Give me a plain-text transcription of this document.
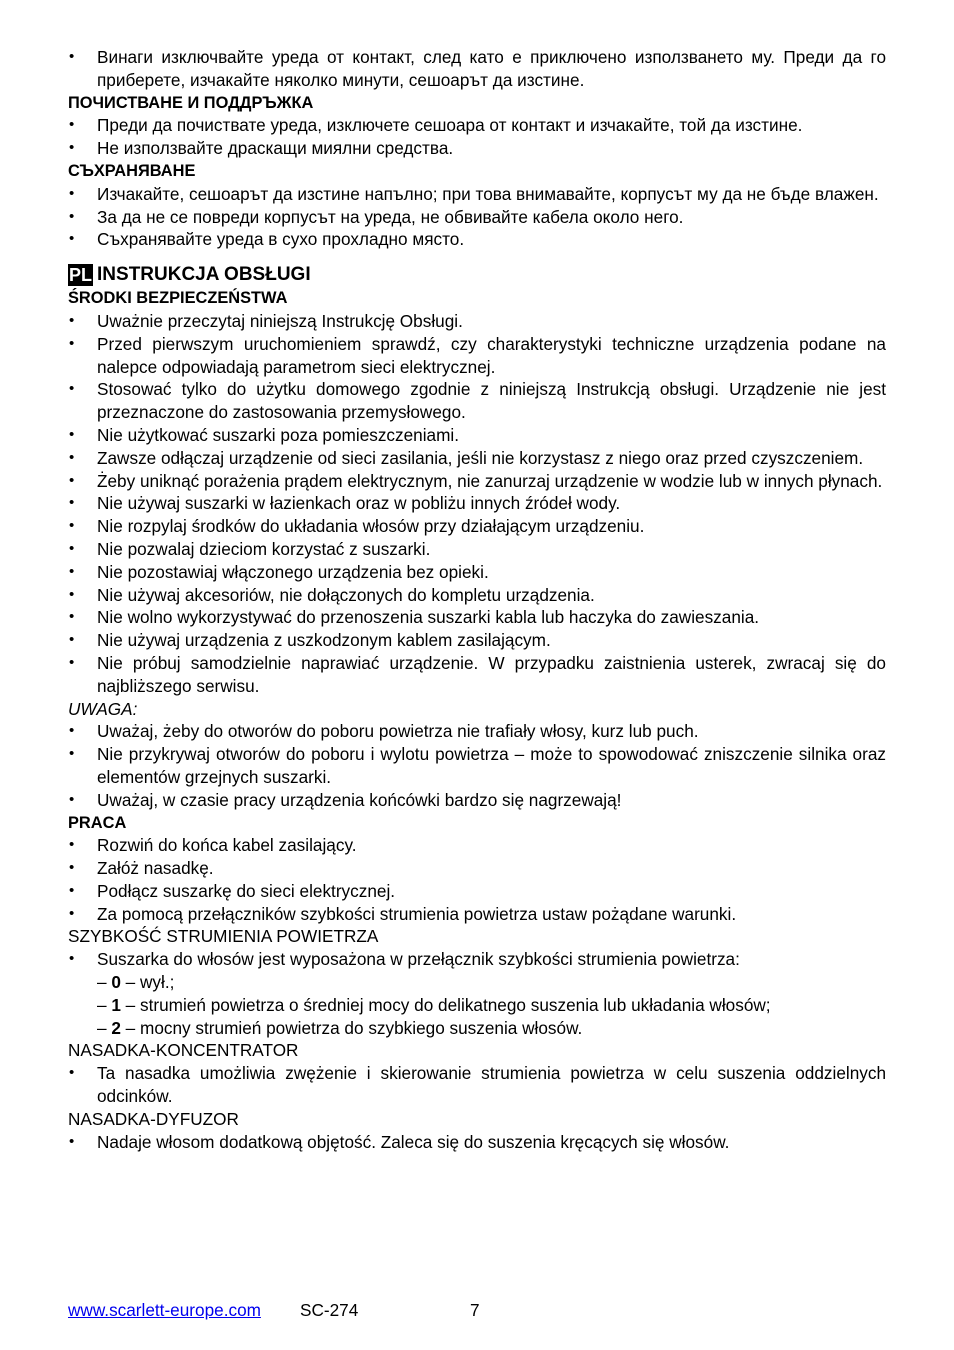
• Винаги изключвайте уреда от контакт, след като е приключено използването му. Преди да го приберете, изчакайте няколко минути, сешоарът да изстине.
ПОЧИСТВАНЕ И ПОДДРЪЖКА
• Преди да почиствате уреда, изключете сешоара от контакт и изчакайте, той да изстине.
• Не използвайте драскащи миялни средства.
СЪХРАНЯВАНЕ
• Изчакайте, сешоарът да изстине напълно; при това внимавайте, корпусът му да не бъде влажен.
• За да не се повреди корпусът на уреда, не обвивайте кабела около него.
• Съхранявайте уреда в сухо прохладно място.
PL INSTRUKCJA OBSŁUGI
ŚRODKI BEZPIECZEŃSTWA
• Uważnie przeczytaj niniejszą Instrukcję Obsługi.
• Przed pierwszym uruchomieniem sprawdź, czy charakterystyki techniczne urządzenia podane na nalepce odpowiadają parametrom sieci elektrycznej.
• Stosować tylko do użytku domowego zgodnie z niniejszą Instrukcją obsługi. Urządzenie nie jest przeznaczone do zastosowania przemysłowego.
• Nie użytkować suszarki poza pomieszczeniami.
• Zawsze odłączaj urządzenie od sieci zasilania, jeśli nie korzystasz z niego oraz przed czyszczeniem.
• Żeby uniknąć porażenia prądem elektrycznym, nie zanurzaj urządzenie w wodzie lub w innych płynach.
• Nie używaj suszarki w łazienkach oraz w pobliżu innych źródeł wody.
• Nie rozpylaj środków do układania włosów przy działającym urządzeniu.
• Nie pozwalaj dzieciom korzystać z suszarki.
• Nie pozostawiaj włączonego urządzenia bez opieki.
• Nie używaj akcesoriów, nie dołączonych do kompletu urządzenia.
• Nie wolno wykorzystywać do przenoszenia suszarki kabla lub haczyka do zawieszania.
• Nie używaj urządzenia z uszkodzonym kablem zasilającym.
• Nie próbuj samodzielnie naprawiać urządzenie. W przypadku zaistnienia usterek, zwracaj się do najbliższego serwisu.
UWAGA:
• Uważaj, żeby do otworów do poboru powietrza nie trafiały włosy, kurz lub puch.
• Nie przykrywaj otworów do poboru i wylotu powietrza – może to spowodować zniszczenie silnika oraz elementów grzejnych suszarki.
• Uważaj, w czasie pracy urządzenia końcówki bardzo się nagrzewają!
PRACA
• Rozwiń do końca kabel zasilający.
• Załóż nasadkę.
• Podłącz suszarkę do sieci elektrycznej.
• Za pomocą przełączników szybkości strumienia powietrza ustaw pożądane warunki.
SZYBKOŚĆ STRUMIENIA POWIETRZA
• Suszarka do włosów jest wyposażona w przełącznik szybkości strumienia powietrza:
– 0 – wył.;
– 1 – strumień powietrza o średniej mocy do delikatnego suszenia lub układania włosów;
– 2 – mocny strumień powietrza do szybkiego suszenia włosów.
NASADKA-KONCENTRATOR
• Ta nasadka umożliwia zwężenie i skierowanie strumienia powietrza w celu suszenia oddzielnych odcinków.
NASADKA-DYFUZOR
• Nadaje włosom dodatkową objętość. Zaleca się do suszenia kręcących się włosów.
www.scarlett-europe.com SC-274	7
